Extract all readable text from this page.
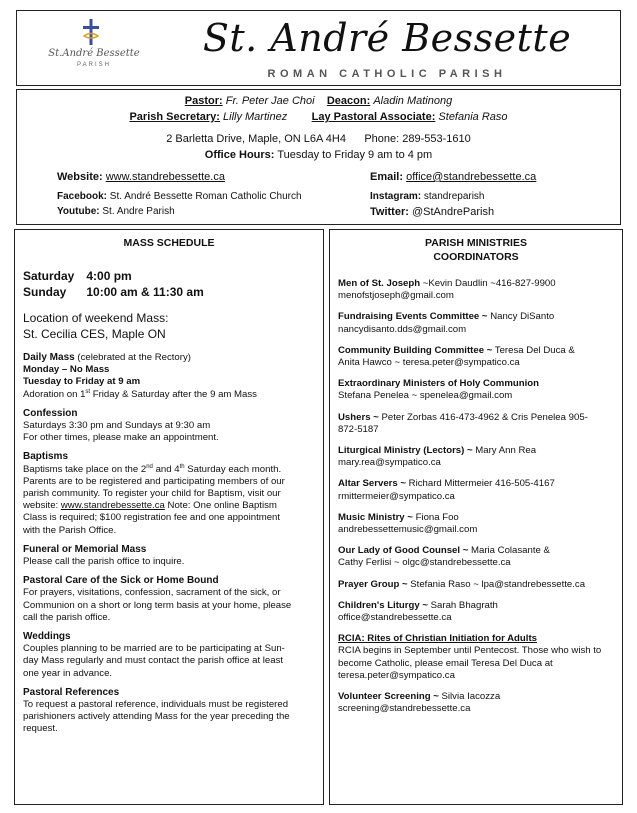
St.André Bessette
PARISH
St. André Bessette
ROMAN CATHOLIC PARISH
Pastor: Fr. Peter Jae Choi Deacon: Aladin Matinong
Parish Secretary: Lilly Martinez Lay Pastoral Associate: Stefania Raso
2 Barletta Drive, Maple, ON L6A 4H4 Phone: 289-553-1610
Office Hours: Tuesday to Friday 9 am to 4 pm
Website: www.standrebessette.ca	Email: office@standrebessette.ca
Facebook: St. André Bessette Roman Catholic Church	Instagram: standreparish
Youtube: St. Andre Parish	Twitter: @StAndreParish
MASS SCHEDULE
Saturday 4:00 pm
Sunday 10:00 am & 11:30 am
Location of weekend Mass:
St. Cecilia CES, Maple ON
Daily Mass (celebrated at the Rectory)
Monday – No Mass
Tuesday to Friday at 9 am
Adoration on 1st Friday & Saturday after the 9 am Mass
Confession
Saturdays 3:30 pm and Sundays at 9:30 am
For other times, please make an appointment.
Baptisms
Baptisms take place on the 2nd and 4th Saturday each month.
Parents are to be registered and participating members of our
parish community. To register your child for Baptism, visit our
website: www.standrebessette.ca Note: One online Baptism
Class is required; $100 registration fee and one appointment
with the Parish Office.
Funeral or Memorial Mass
Please call the parish office to inquire.
Pastoral Care of the Sick or Home Bound
For prayers, visitations, confession, sacrament of the sick, or
Communion on a short or long term basis at your home, please
call the parish office.
Weddings
Couples planning to be married are to be participating at Sun-
day Mass regularly and must contact the parish office at least
one year in advance.
Pastoral References
To request a pastoral reference, individuals must be registered
parishioners actively attending Mass for the year preceding the
request.
PARISH MINISTRIES
COORDINATORS
Men of St. Joseph ~Kevin Daudlin ~416-827-9900
menofstjoseph@gmail.com
Fundraising Events Committee ~ Nancy DiSanto
nancydisanto.dds@gmail.com
Community Building Committee ~ Teresa Del Duca &
Anita Hawco ~ teresa.peter@sympatico.ca
Extraordinary Ministers of Holy Communion
Stefana Penelea ~ spenelea@gmail.com
Ushers ~ Peter Zorbas 416-473-4962 & Cris Penelea 905-
872-5187
Liturgical Ministry (Lectors) ~ Mary Ann Rea
mary.rea@sympatico.ca
Altar Servers ~ Richard Mittermeier 416-505-4167
rmittermeier@sympatico.ca
Music Ministry ~ Fiona Foo
andrebessettemusic@gmail.com
Our Lady of Good Counsel ~ Maria Colasante &
Cathy Ferlisi ~ olgc@standrebessette.ca
Prayer Group ~ Stefania Raso ~ lpa@standrebessette.ca
Children's Liturgy ~ Sarah Bhagrath
office@standrebessette.ca
RCIA: Rites of Christian Initiation for Adults
RCIA begins in September until Pentecost. Those who wish to become Catholic, please email Teresa Del Duca at teresa.peter@sympatico.ca
Volunteer Screening ~ Silvia Iacozza
screening@standrebessette.ca
